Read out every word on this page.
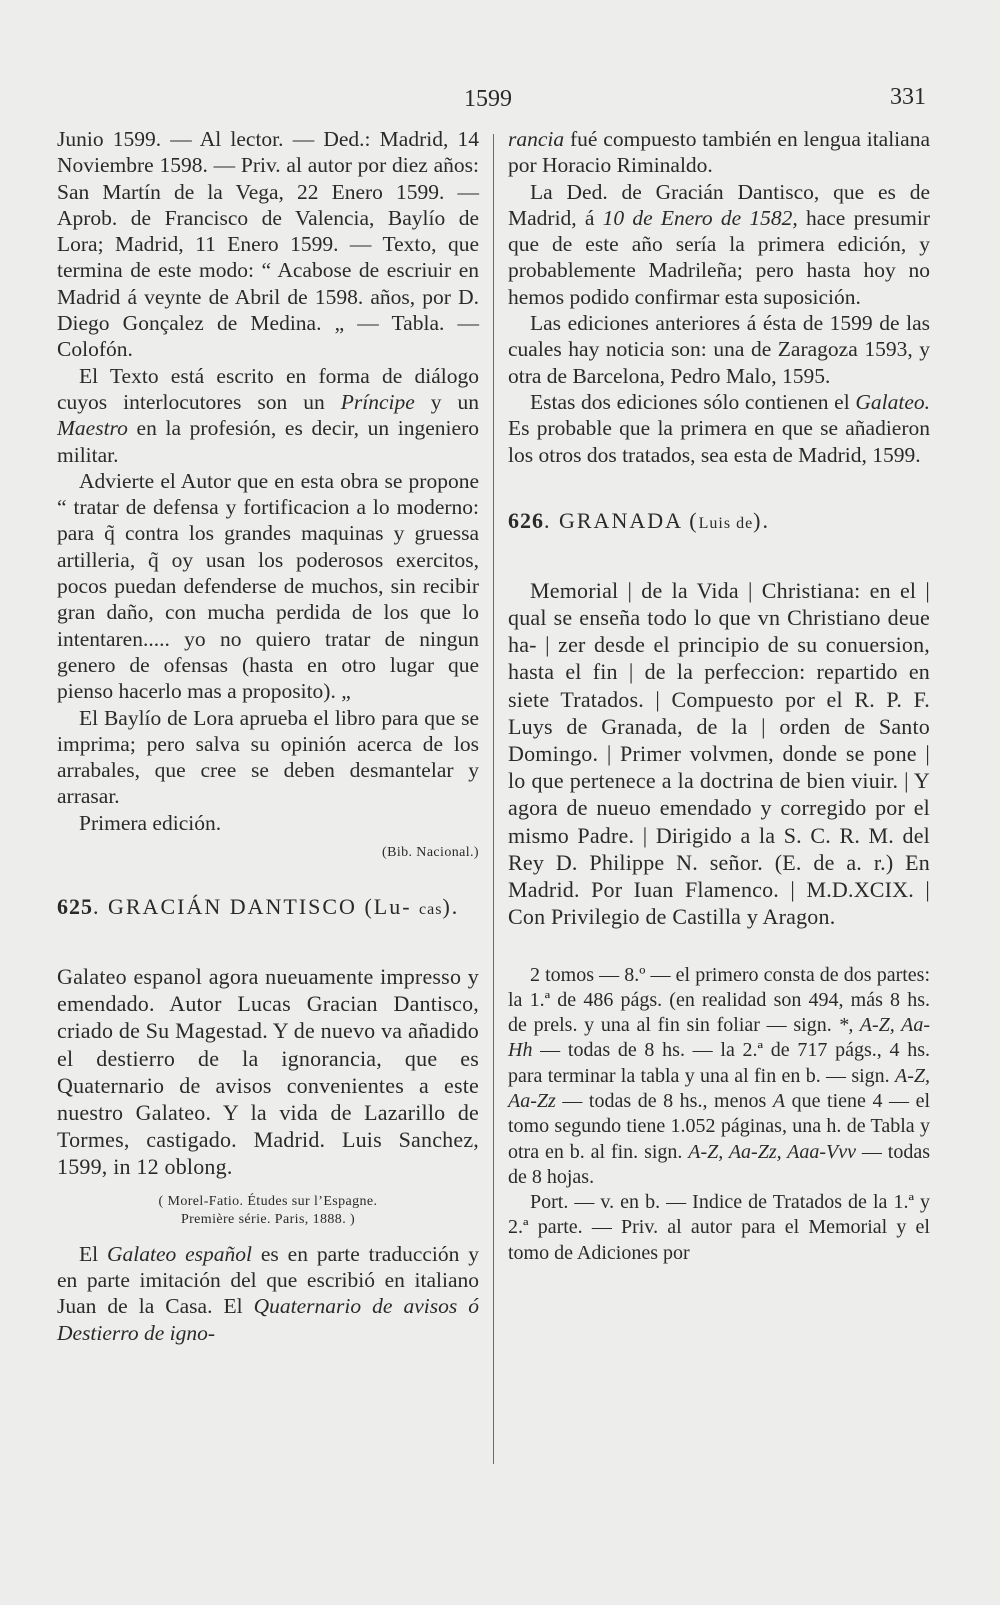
1599	331

Junio 1599. — Al lector. — Ded.: Madrid, 14 Noviembre 1598. — Priv. al autor por diez años: San Martín de la Vega, 22 Enero 1599. — Aprob. de Francisco de Valencia, Baylío de Lora; Madrid, 11 Enero 1599. — Texto, que termina de este modo: “ Acabose de escriuir en Madrid á veynte de Abril de 1598. años, por D. Diego Gonçalez de Medina. „ — Tabla. — Colofón.

El Texto está escrito en forma de diálogo cuyos interlocutores son un Príncipe y un Maestro en la profesión, es decir, un ingeniero militar.

Advierte el Autor que en esta obra se propone “ tratar de defensa y fortificacion a lo moderno: para q̃ contra los grandes maquinas y gruessa artilleria, q̃ oy usan los poderosos exercitos, pocos puedan defenderse de muchos, sin recibir gran daño, con mucha perdida de los que lo intentaren..... yo no quiero tratar de ningun genero de ofensas (hasta en otro lugar que pienso hacerlo mas a proposito). „

El Baylío de Lora aprueba el libro para que se imprima; pero salva su opinión acerca de los arrabales, que cree se deben desmantelar y arrasar.

Primera edición.

(Bib. Nacional.)

625. GRACIÁN DANTISCO (Lu- cas).

Galateo espanol agora nueuamente impresso y emendado. Autor Lucas Gracian Dantisco, criado de Su Magestad. Y de nuevo va añadido el destierro de la ignorancia, que es Quaternario de avisos convenientes a este nuestro Galateo. Y la vida de Lazarillo de Tormes, castigado. Madrid. Luis Sanchez, 1599, in 12 oblong.

( Morel-Fatio. Études sur l’Espagne.
Première série. Paris, 1888. )

El Galateo español es en parte traducción y en parte imitación del que escribió en italiano Juan de la Casa. El Quaternario de avisos ó Destierro de igno-

rancia fué compuesto también en lengua italiana por Horacio Riminaldo.

La Ded. de Gracián Dantisco, que es de Madrid, á 10 de Enero de 1582, hace presumir que de este año sería la primera edición, y probablemente Madrileña; pero hasta hoy no hemos podido confirmar esta suposición.

Las ediciones anteriores á ésta de 1599 de las cuales hay noticia son: una de Zaragoza 1593, y otra de Barcelona, Pedro Malo, 1595.

Estas dos ediciones sólo contienen el Galateo. Es probable que la primera en que se añadieron los otros dos tratados, sea esta de Madrid, 1599.

626. GRANADA (Luis de).

Memorial | de la Vida | Christiana: en el | qual se enseña todo lo que vn Christiano deue ha- | zer desde el principio de su conuersion, hasta el fin | de la perfeccion: repartido en siete Tratados. | Compuesto por el R. P. F. Luys de Granada, de la | orden de Santo Domingo. | Primer volvmen, donde se pone | lo que pertenece a la doctrina de bien viuir. | Y agora de nueuo emendado y corregido por el mismo Padre. | Dirigido a la S. C. R. M. del Rey D. Philippe N. señor. (E. de a. r.) En Madrid. Por Iuan Flamenco. | M.D.XCIX. | Con Privilegio de Castilla y Aragon.

2 tomos — 8.º — el primero consta de dos partes: la 1.ª de 486 págs. (en realidad son 494, más 8 hs. de prels. y una al fin sin foliar — sign. *, A-Z, Aa-Hh — todas de 8 hs. — la 2.ª de 717 págs., 4 hs. para terminar la tabla y una al fin en b. — sign. A-Z, Aa-Zz — todas de 8 hs., menos A que tiene 4 — el tomo segundo tiene 1.052 páginas, una h. de Tabla y otra en b. al fin. sign. A-Z, Aa-Zz, Aaa-Vvv — todas de 8 hojas.

Port. — v. en b. — Indice de Tratados de la 1.ª y 2.ª parte. — Priv. al autor para el Memorial y el tomo de Adiciones por
